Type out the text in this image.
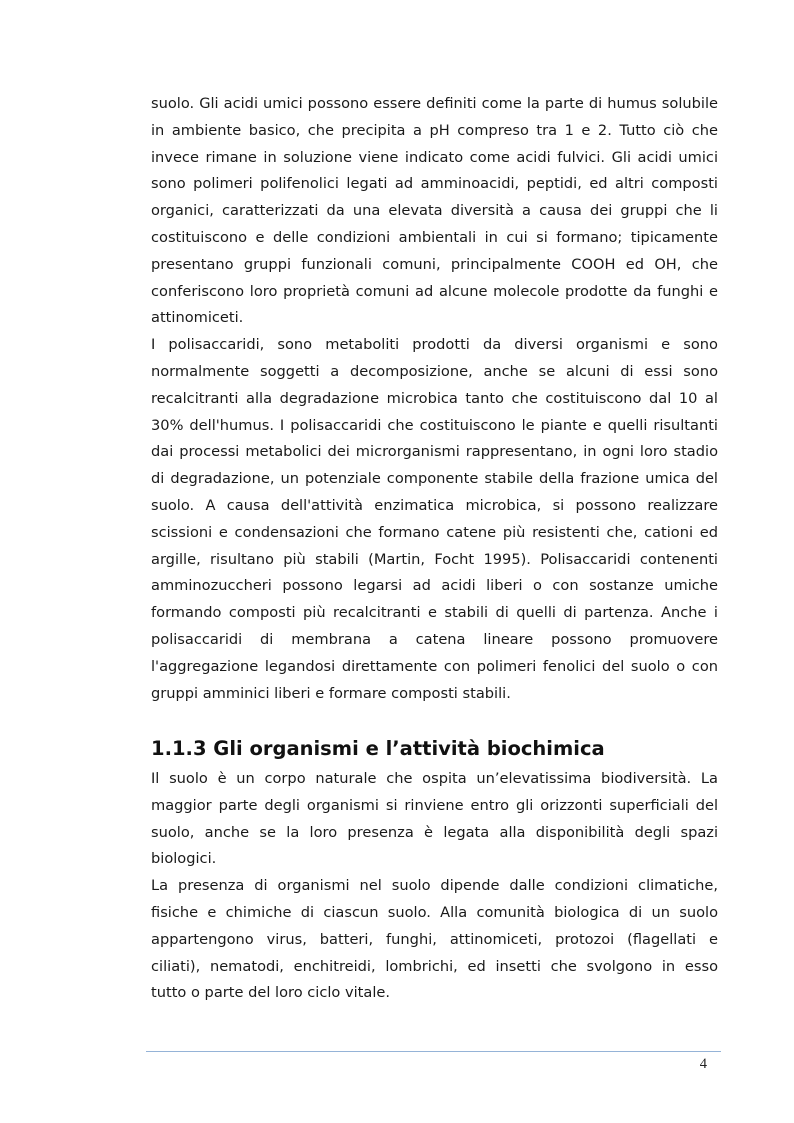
suolo. Gli acidi umici possono essere definiti come la parte di humus solubile
in ambiente basico, che precipita a pH compreso tra 1 e 2. Tutto ciò che
invece rimane in soluzione viene indicato come acidi fulvici. Gli acidi umici
sono polimeri polifenolici legati ad amminoacidi, peptidi, ed altri composti
organici, caratterizzati da una elevata diversità a causa dei gruppi che li
costituiscono e delle condizioni ambientali in cui si formano; tipicamente
presentano gruppi funzionali comuni, principalmente COOH ed OH, che
conferiscono loro proprietà comuni ad alcune molecole prodotte da funghi e
attinomiceti.
I polisaccaridi, sono metaboliti prodotti da diversi organismi e sono
normalmente soggetti a decomposizione, anche se alcuni di essi sono
recalcitranti alla degradazione microbica tanto che costituiscono dal 10 al
30% dell'humus. I polisaccaridi che costituiscono le piante e quelli risultanti
dai processi metabolici dei microrganismi rappresentano, in ogni loro stadio
di degradazione, un potenziale componente stabile della frazione umica del
suolo. A causa dell'attività enzimatica microbica, si possono realizzare
scissioni e condensazioni che formano catene più resistenti che, cationi ed
argille, risultano più stabili (Martin, Focht 1995). Polisaccaridi contenenti
amminozuccheri possono legarsi ad acidi liberi o con sostanze umiche
formando composti più recalcitranti e stabili di quelli di partenza. Anche i
polisaccaridi di membrana a catena lineare possono promuovere
l'aggregazione legandosi direttamente con polimeri fenolici del suolo o con
gruppi amminici liberi e formare composti stabili.
1.1.3 Gli organismi e l’attività biochimica
Il suolo è un corpo naturale che ospita un’elevatissima biodiversità. La
maggior parte degli organismi si rinviene entro gli orizzonti superficiali del
suolo, anche se la loro presenza è legata alla disponibilità degli spazi
biologici.
La presenza di organismi nel suolo dipende dalle condizioni climatiche,
fisiche e chimiche di ciascun suolo. Alla comunità biologica di un suolo
appartengono virus, batteri, funghi, attinomiceti, protozoi (flagellati e
ciliati), nematodi, enchitreidi, lombrichi, ed insetti che svolgono in esso
tutto o parte del loro ciclo vitale.
4
